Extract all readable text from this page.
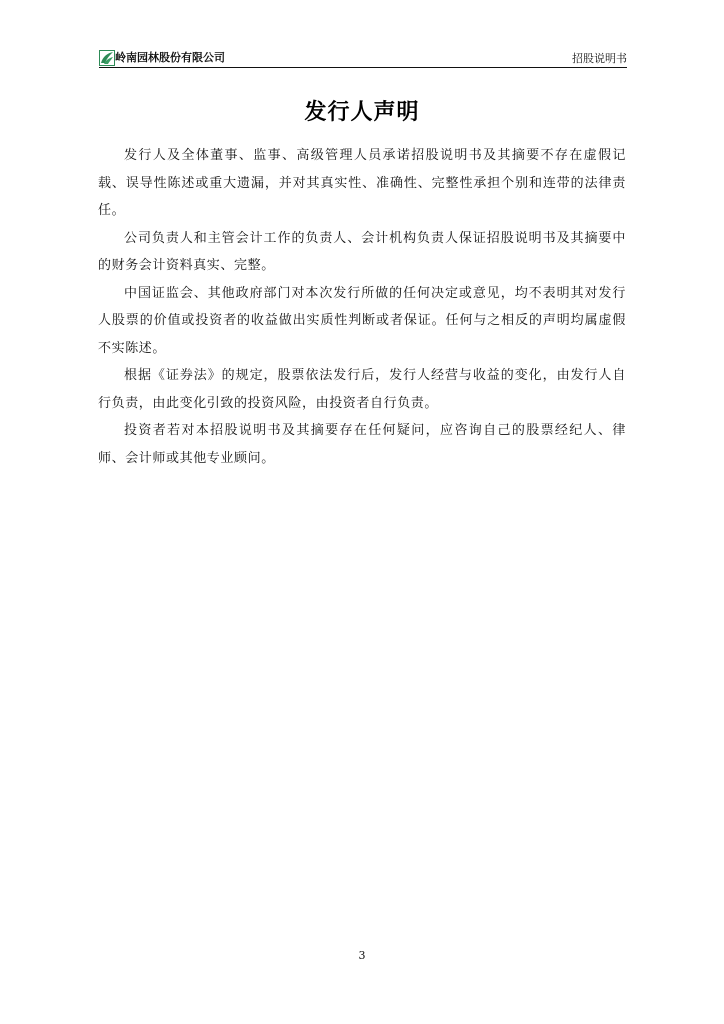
岭南园林股份有限公司	招股说明书
发行人声明

发行人及全体董事、监事、高级管理人员承诺招股说明书及其摘要不存在虚假记载、误导性陈述或重大遗漏，并对其真实性、准确性、完整性承担个别和连带的法律责任。

公司负责人和主管会计工作的负责人、会计机构负责人保证招股说明书及其摘要中的财务会计资料真实、完整。

中国证监会、其他政府部门对本次发行所做的任何决定或意见，均不表明其对发行人股票的价值或投资者的收益做出实质性判断或者保证。任何与之相反的声明均属虚假不实陈述。

根据《证券法》的规定，股票依法发行后，发行人经营与收益的变化，由发行人自行负责，由此变化引致的投资风险，由投资者自行负责。

投资者若对本招股说明书及其摘要存在任何疑问，应咨询自己的股票经纪人、律师、会计师或其他专业顾问。

3
